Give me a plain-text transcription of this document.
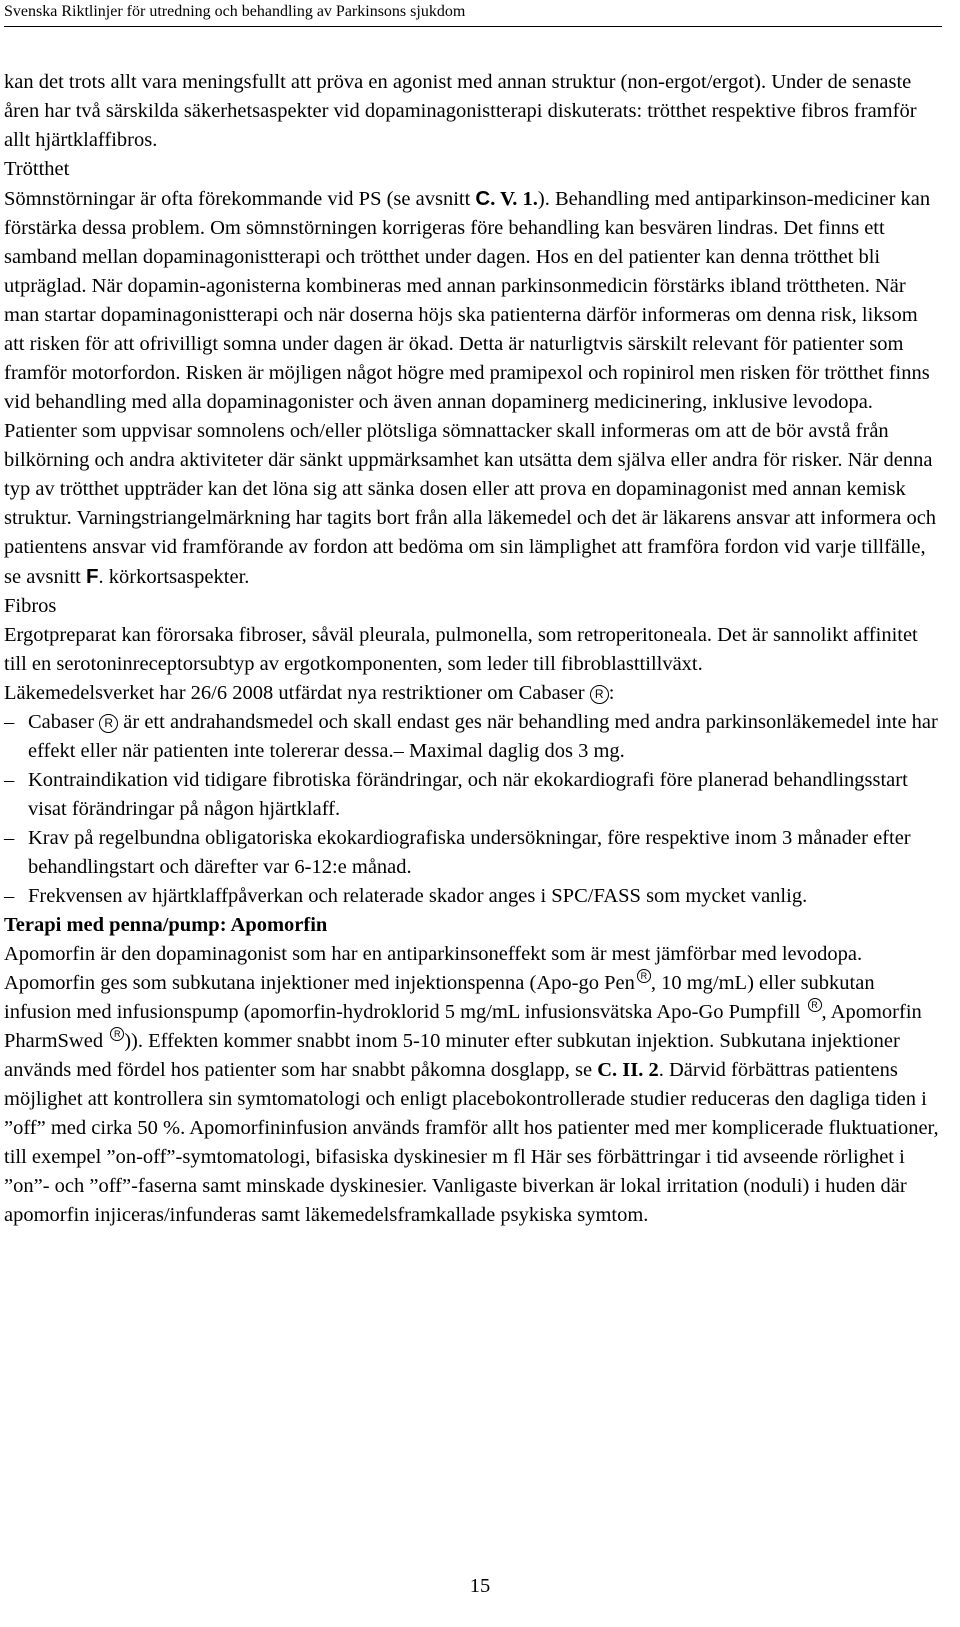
Svenska Riktlinjer för utredning och behandling av Parkinsons sjukdom

kan det trots allt vara meningsfullt att pröva en agonist med annan struktur (non-ergot/ergot). Under de senaste åren har två särskilda säkerhetsaspekter vid dopaminagonistterapi diskuterats: trötthet respektive fibros framför allt hjärtklaffibros.

Trötthet

Sömnstörningar är ofta förekommande vid PS (se avsnitt C. V. 1.). Behandling med antiparkinson-mediciner kan förstärka dessa problem. Om sömnstörningen korrigeras före behandling kan besvären lindras. Det finns ett samband mellan dopaminagonistterapi och trötthet under dagen. Hos en del patienter kan denna trötthet bli utpräglad. När dopamin-agonisterna kombineras med annan parkinsonmedicin förstärks ibland tröttheten. När man startar dopaminagonistterapi och när doserna höjs ska patienterna därför informeras om denna risk, liksom att risken för att ofrivilligt somna under dagen är ökad. Detta är naturligtvis särskilt relevant för patienter som framför motorfordon. Risken är möjligen något högre med pramipexol och ropinirol men risken för trötthet finns vid behandling med alla dopaminagonister och även annan dopaminerg medicinering, inklusive levodopa. Patienter som uppvisar somnolens och/eller plötsliga sömnattacker skall informeras om att de bör avstå från bilkörning och andra aktiviteter där sänkt uppmärksamhet kan utsätta dem själva eller andra för risker. När denna typ av trötthet uppträder kan det löna sig att sänka dosen eller att prova en dopaminagonist med annan kemisk struktur. Varningstriangelmärkning har tagits bort från alla läkemedel och det är läkarens ansvar att informera och patientens ansvar vid framförande av fordon att bedöma om sin lämplighet att framföra fordon vid varje tillfälle, se avsnitt F. körkortsaspekter.

Fibros

Ergotpreparat kan förorsaka fibroser, såväl pleurala, pulmonella, som retroperitoneala. Det är sannolikt affinitet till en serotoninreceptorsubtyp av ergotkomponenten, som leder till fibroblasttillväxt.

Läkemedelsverket har 26/6 2008 utfärdat nya restriktioner om Cabaser R :

– Cabaser R är ett andrahandsmedel och skall endast ges när behandling med andra parkinsonläkemedel inte har effekt eller när patienten inte tolererar dessa.– Maximal daglig dos 3 mg.
– Kontraindikation vid tidigare fibrotiska förändringar, och när ekokardiografi före planerad behandlingsstart visat förändringar på någon hjärtklaff.
– Krav på regelbundna obligatoriska ekokardiografiska undersökningar, före respektive inom 3 månader efter behandlingstart och därefter var 6-12:e månad.
– Frekvensen av hjärtklaffpåverkan och relaterade skador anges i SPC/FASS som mycket vanlig.

Terapi med penna/pump: Apomorfin

Apomorfin är den dopaminagonist som har en antiparkinsoneffekt som är mest jämförbar med levodopa. Apomorfin ges som subkutana injektioner med injektionspenna (Apo-go Pen R , 10 mg/mL) eller subkutan infusion med infusionspump (apomorfin-hydroklorid 5 mg/mL infusionsvätska Apo-Go Pumpfill R , Apomorfin PharmSwed R )). Effekten kommer snabbt inom 5-10 minuter efter subkutan injektion. Subkutana injektioner används med fördel hos patienter som har snabbt påkomna dosglapp, se C. II. 2. Därvid förbättras patientens möjlighet att kontrollera sin symtomatologi och enligt placebokontrollerade studier reduceras den dagliga tiden i ”off” med cirka 50 %. Apomorfininfusion används framför allt hos patienter med mer komplicerade fluktuationer, till exempel ”on-off”-symtomatologi, bifasiska dyskinesier m fl Här ses förbättringar i tid avseende rörlighet i ”on”- och ”off”-faserna samt minskade dyskinesier. Vanligaste biverkan är lokal irritation (noduli) i huden där apomorfin injiceras/infunderas samt läkemedelsframkallade psykiska symtom.

15
